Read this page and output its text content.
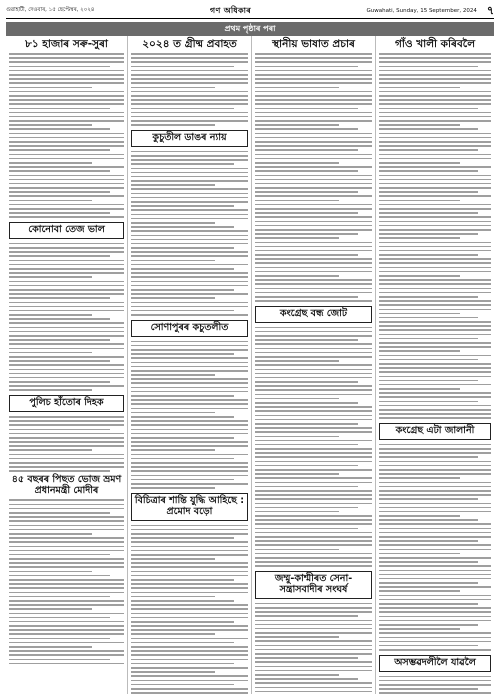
গুৱাহাটী, দেওবাৰ, ১৫ ছেপ্টেম্বৰ, ২০২৪	গণ অধিকাৰ	Guwahati, Sunday, 15 September, 2024 ৭
প্ৰথম পৃষ্ঠাৰ পৰা
৮১ হাজাৰ সৰু-সুৰা
কোনোবা তেজ ভাল
পুলিচ হাঁতোৰ দিহক
৪৫ বছৰৰ পিছত ভোজ ভ্ৰমণ প্ৰধানমন্ত্ৰী মোদীৰ
২০২৪ ত গ্ৰীষ্ম প্ৰবাহত
কুচুতীল ডাঙৰ ন্যায়
সোণাপুৰৰ কচুতলীত
বিচিত্ৰাৰ শান্তি যুদ্ধি আহিছে : প্ৰমোদ বড়ো
স্থানীয় ভাষাত প্ৰচাৰ
কংগ্ৰেছ বন্ধ জোট
জম্মু-কাশ্মীৰত সেনা- সন্ত্ৰাসবাদীৰ সংঘৰ্ষ
গাঁও খালী কৰিবলৈ
কংগ্ৰেছ এটা জালানী
অসম্ভৱদলীলৈ যাৱলৈ
